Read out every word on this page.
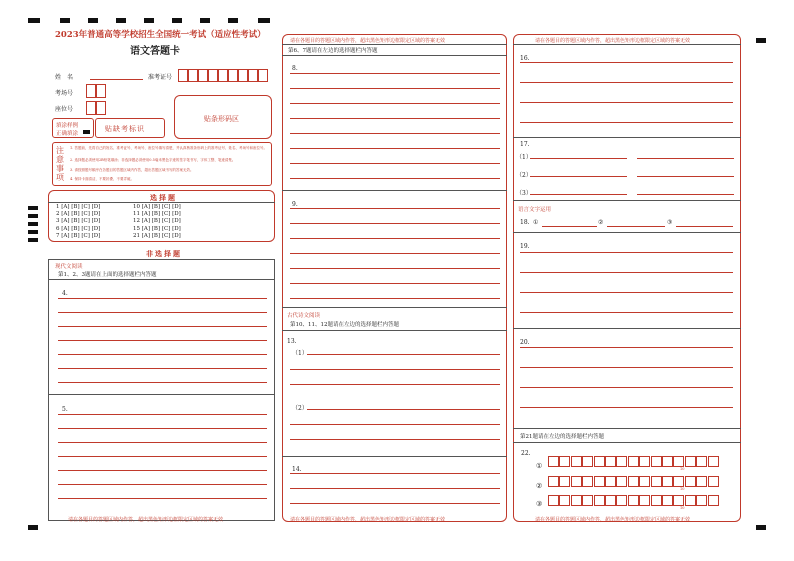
2023年普通高等学校招生全国统一考试（适应性考试）
语文答题卡
姓　名	准考证号
考场号
座位号
填涂样例
正确填涂
贴缺考标识
贴条形码区
注意事项
1. 答题前，先将自己的姓名、准考证号、考场号、座位号填写清楚，并认真核准条形码上的准考证号、姓名、考场号和座位号。
2. 选择题必须使用2B铅笔填涂；非选择题必须使用0.5毫米黑色字迹的签字笔书写，字体工整、笔迹清楚。
3. 请按照题号顺序在各题目的答题区域内作答，超出答题区域书写的答案无效。
4. 保持卡面清洁，不要折叠、不要弄破。
选择题
1 [A] [B] [C] [D]
2 [A] [B] [C] [D]
3 [A] [B] [C] [D]
6 [A] [B] [C] [D]
7 [A] [B] [C] [D]
10 [A] [B] [C] [D]
11 [A] [B] [C] [D]
12 [A] [B] [C] [D]
15 [A] [B] [C] [D]
21 [A] [B] [C] [D]
非选择题
现代文阅读
第1、2、3题请在上面的选择题栏内答题
4.
5.
请在各题目的答题区域内作答，超出黑色矩形边框限定区域的答案无效
请在各题目的答题区域内作答，超出黑色矩形边框限定区域的答案无效
第6、7题请在左边的选择题栏内答题
8.
9.
古代诗文阅读
第10、11、12题请在左边的选择题栏内答题
13.
（1）
（2）
14.
请在各题目的答题区域内作答，超出黑色矩形边框限定区域的答案无效
请在各题目的答题区域内作答，超出黑色矩形边框限定区域的答案无效
16.
17.
（1）
（2）
（3）
语言文字运用
18. ①	②	③
19.
20.
第21题请在左边的选择题栏内答题
22.
①
②
③
10
10
10
请在各题目的答题区域内作答，超出黑色矩形边框限定区域的答案无效
